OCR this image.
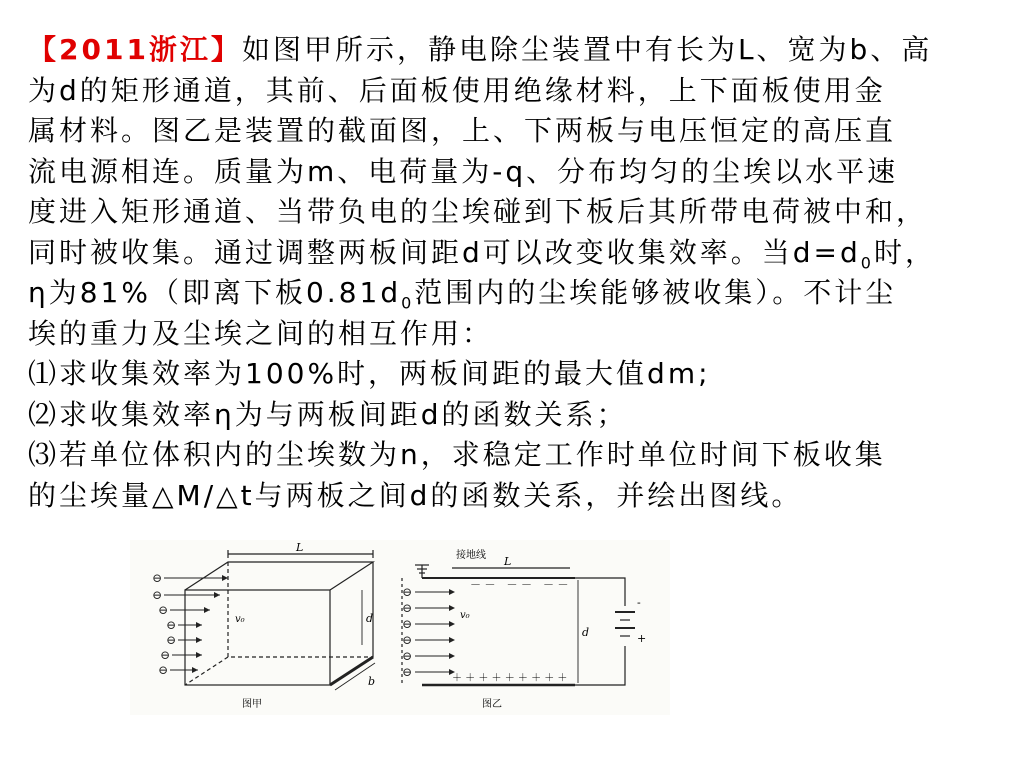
【2011浙江】如图甲所示，静电除尘装置中有长为L、宽为b、高
为d的矩形通道，其前、后面板使用绝缘材料，上下面板使用金
属材料。图乙是装置的截面图，上、下两板与电压恒定的高压直
流电源相连。质量为m、电荷量为-q、分布均匀的尘埃以水平速
度进入矩形通道、当带负电的尘埃碰到下板后其所带电荷被中和，
同时被收集。通过调整两板间距d可以改变收集效率。当$d=d_0$时，
η为81%（即离下板$0.81d_0$范围内的尘埃能够被收集）。不计尘
埃的重力及尘埃之间的相互作用：
⑴求收集效率为100%时，两板间距的最大值dm;
⑵求收集效率η为与两板间距d的函数关系；
⑶若单位体积内的尘埃数为n，求稳定工作时单位时间下板收集
的尘埃量△M/△t与两板之间d的函数关系，并绘出图线。
⊖
⊖
⊖
⊖
⊖
⊖
⊖
L
d
b
v₀
图甲
⊖
⊖
⊖
⊖
⊖
⊖
接地线 L
d
v₀
－ －　－ －　－ －
＋ ＋ ＋ ＋ ＋ ＋ ＋ ＋ ＋
-
+
图乙
